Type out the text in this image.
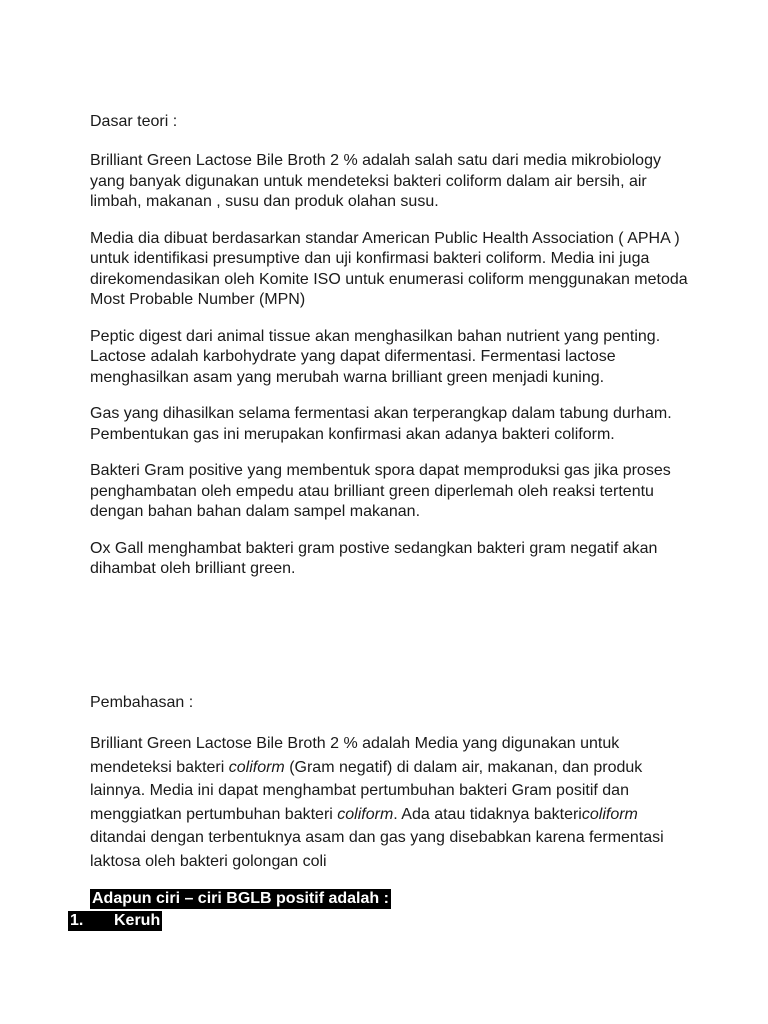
Dasar teori :

Brilliant Green Lactose Bile Broth 2 % adalah salah satu dari media mikrobiology yang banyak digunakan untuk mendeteksi bakteri coliform dalam air bersih, air limbah, makanan , susu dan produk olahan susu.

Media dia dibuat berdasarkan standar American Public Health Association ( APHA ) untuk identifikasi presumptive dan uji konfirmasi bakteri coliform. Media ini juga direkomendasikan oleh Komite ISO untuk enumerasi coliform menggunakan metoda Most Probable Number (MPN)

Peptic digest dari animal tissue akan menghasilkan bahan nutrient yang penting. Lactose adalah karbohydrate yang dapat difermentasi. Fermentasi lactose menghasilkan asam yang merubah warna brilliant green menjadi kuning.

Gas yang dihasilkan selama fermentasi akan terperangkap dalam tabung durham. Pembentukan gas ini merupakan konfirmasi akan adanya bakteri coliform.

Bakteri Gram positive yang membentuk spora dapat memproduksi gas jika proses penghambatan oleh empedu atau brilliant green diperlemah oleh reaksi tertentu dengan bahan bahan dalam sampel makanan.

Ox Gall menghambat bakteri gram postive sedangkan bakteri gram negatif akan dihambat oleh brilliant green.

Pembahasan :

Brilliant Green Lactose Bile Broth 2 % adalah Media yang digunakan untuk mendeteksi bakteri coliform (Gram negatif) di dalam air, makanan, dan produk lainnya. Media ini dapat menghambat pertumbuhan bakteri Gram positif dan menggiatkan pertumbuhan bakteri coliform. Ada atau tidaknya baktericoliform ditandai dengan terbentuknya asam dan gas yang disebabkan karena fermentasi laktosa oleh bakteri golongan coli

Adapun ciri – ciri BGLB positif adalah :
1.	Keruh
